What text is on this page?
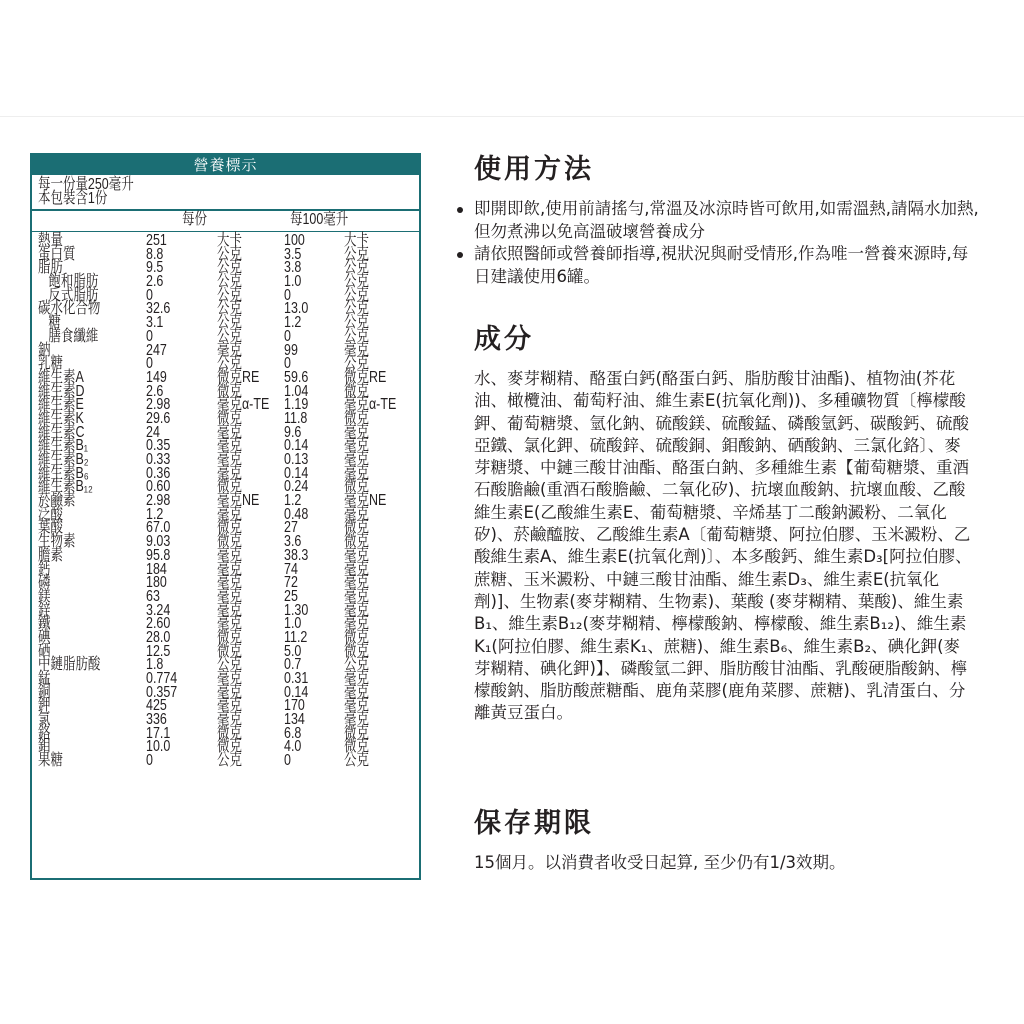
營養標示
每一份量250毫升
本包裝含1份
每份	每100毫升
熱量	251	大卡	100 大卡
蛋白質	8.8	公克	3.5	公克
脂肪	9.5	公克	3.8	公克
飽和脂肪	2.6	公克	1.0	公克
反式脂肪	0	公克	0	公克
碳水化合物	32.6	公克	13.0 公克
糖	3.1	公克	1.2	公克
膳食纖維	0	公克	0	公克
鈉	247	毫克	99	毫克
乳糖	0	公克	0	公克
維生素A	149	微克RE 59.6 微克RE
維生素D	2.6	微克	1.04 微克
維生素E	2.98	毫克α-TE 1.19 毫克α-TE
維生素K	29.6	微克	11.8 微克
維生素C	24	毫克	9.6	毫克
維生素B₁	0.35	毫克	0.14 毫克
維生素B₂	0.33	毫克	0.13 毫克
維生素B₆	0.36	毫克	0.14 毫克
維生素B₁₂	0.60	微克	0.24 微克
菸鹼素	2.98	毫克NE 1.2	毫克NE
泛酸	1.2	毫克	0.48 毫克
葉酸	67.0	微克	27	微克
生物素	9.03	微克	3.6	微克
膽素	95.8	毫克	38.3 毫克
鈣	184	毫克	74	毫克
磷	180	毫克	72	毫克
鎂	63	毫克	25	毫克
鋅	3.24	毫克	1.30 毫克
鐵	2.60	毫克	1.0	毫克
碘	28.0	微克	11.2 微克
硒	12.5	微克	5.0	微克
中鏈脂肪酸	1.8	公克	0.7	公克
錳	0.774 毫克	0.31 毫克
銅	0.357 毫克	0.14 毫克
鉀	425	毫克	170 毫克
氯	336	毫克	134 毫克
鉻	17.1	微克	6.8	微克
鉬	10.0	微克	4.0	微克
果糖	0	公克	0	公克
使用方法
即開即飲,使用前請搖勻,常溫及冰涼時皆可飲用,如需溫熱,請隔水加熱,但勿煮沸以免高溫破壞營養成分
請依照醫師或營養師指導,視狀況與耐受情形,作為唯一營養來源時,每日建議使用6罐。
成分

水、麥芽糊精、酪蛋白鈣(酪蛋白鈣、脂肪酸甘油酯)、植物油(芥花油、橄欖油、葡萄籽油、維生素E(抗氧化劑))、多種礦物質〔檸檬酸鉀、葡萄糖漿、氫化鈉、硫酸鎂、硫酸錳、磷酸氫鈣、碳酸鈣、硫酸亞鐵、氯化鉀、硫酸鋅、硫酸銅、鉬酸鈉、硒酸鈉、三氯化鉻〕、麥芽糖漿、中鏈三酸甘油酯、酪蛋白鈉、多種維生素【葡萄糖漿、重酒石酸膽鹼(重酒石酸膽鹼、二氧化矽)、抗壞血酸鈉、抗壞血酸、乙酸維生素E(乙酸維生素E、葡萄糖漿、辛烯基丁二酸鈉澱粉、二氧化矽)、菸鹼醯胺、乙酸維生素A〔葡萄糖漿、阿拉伯膠、玉米澱粉、乙酸維生素A、維生素E(抗氧化劑)〕、本多酸鈣、維生素D₃[阿拉伯膠、蔗糖、玉米澱粉、中鏈三酸甘油酯、維生素D₃、維生素E(抗氧化劑)]、生物素(麥芽糊精、生物素)、葉酸 (麥芽糊精、葉酸)、維生素B₁、維生素B₁₂(麥芽糊精、檸檬酸鈉、檸檬酸、維生素B₁₂)、維生素K₁(阿拉伯膠、維生素K₁、蔗糖)、維生素B₆、維生素B₂、碘化鉀(麥芽糊精、碘化鉀)】、磷酸氫二鉀、脂肪酸甘油酯、乳酸硬脂酸鈉、檸檬酸鈉、脂肪酸蔗糖酯、鹿角菜膠(鹿角菜膠、蔗糖)、乳清蛋白、分離黃豆蛋白。

保存期限

15個月。以消費者收受日起算, 至少仍有1/3效期。
